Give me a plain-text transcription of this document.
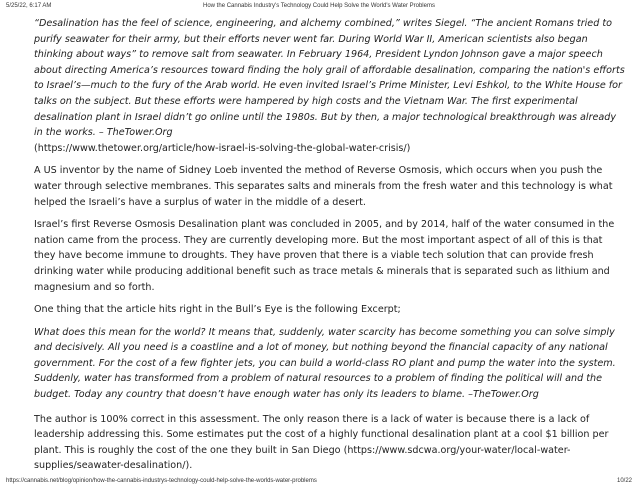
5/25/22, 6:17 AM	How the Cannabis Industry's Technology Could Help Solve the World's Water Problems

“Desalination has the feel of science, engineering, and alchemy combined,” writes Siegel. “The ancient Romans tried to purify seawater for their army, but their efforts never went far. During World War II, American scientists also began thinking about ways” to remove salt from seawater. In February 1964, President Lyndon Johnson gave a major speech about directing America’s resources toward finding the holy grail of affordable desalination, comparing the nation's efforts to Israel’s—much to the fury of the Arab world. He even invited Israel’s Prime Minister, Levi Eshkol, to the White House for talks on the subject. But these efforts were hampered by high costs and the Vietnam War. The first experimental desalination plant in Israel didn’t go online until the 1980s. But by then, a major technological breakthrough was already in the works. – TheTower.Org

(https://www.thetower.org/article/how-israel-is-solving-the-global-water-crisis/)

A US inventor by the name of Sidney Loeb invented the method of Reverse Osmosis, which occurs when you push the water through selective membranes. This separates salts and minerals from the fresh water and this technology is what helped the Israeli’s have a surplus of water in the middle of a desert.

Israel’s first Reverse Osmosis Desalination plant was concluded in 2005, and by 2014, half of the water consumed in the nation came from the process. They are currently developing more. But the most important aspect of all of this is that they have become immune to droughts. They have proven that there is a viable tech solution that can provide fresh drinking water while producing additional benefit such as trace metals & minerals that is separated such as lithium and magnesium and so forth.

One thing that the article hits right in the Bull’s Eye is the following Excerpt;

What does this mean for the world? It means that, suddenly, water scarcity has become something you can solve simply and decisively. All you need is a coastline and a lot of money, but nothing beyond the financial capacity of any national government. For the cost of a few fighter jets, you can build a world-class RO plant and pump the water into the system. Suddenly, water has transformed from a problem of natural resources to a problem of finding the political will and the budget. Today any country that doesn’t have enough water has only its leaders to blame. –TheTower.Org

The author is 100% correct in this assessment. The only reason there is a lack of water is because there is a lack of leadership addressing this. Some estimates put the cost of a highly functional desalination plant at a cool $1 billion per plant. This is roughly the cost of the one they built in San Diego (https://www.sdcwa.org/your-water/local-water-supplies/seawater-desalination/).

https://cannabis.net/blog/opinion/how-the-cannabis-industrys-technology-could-help-solve-the-worlds-water-problems	10/22
